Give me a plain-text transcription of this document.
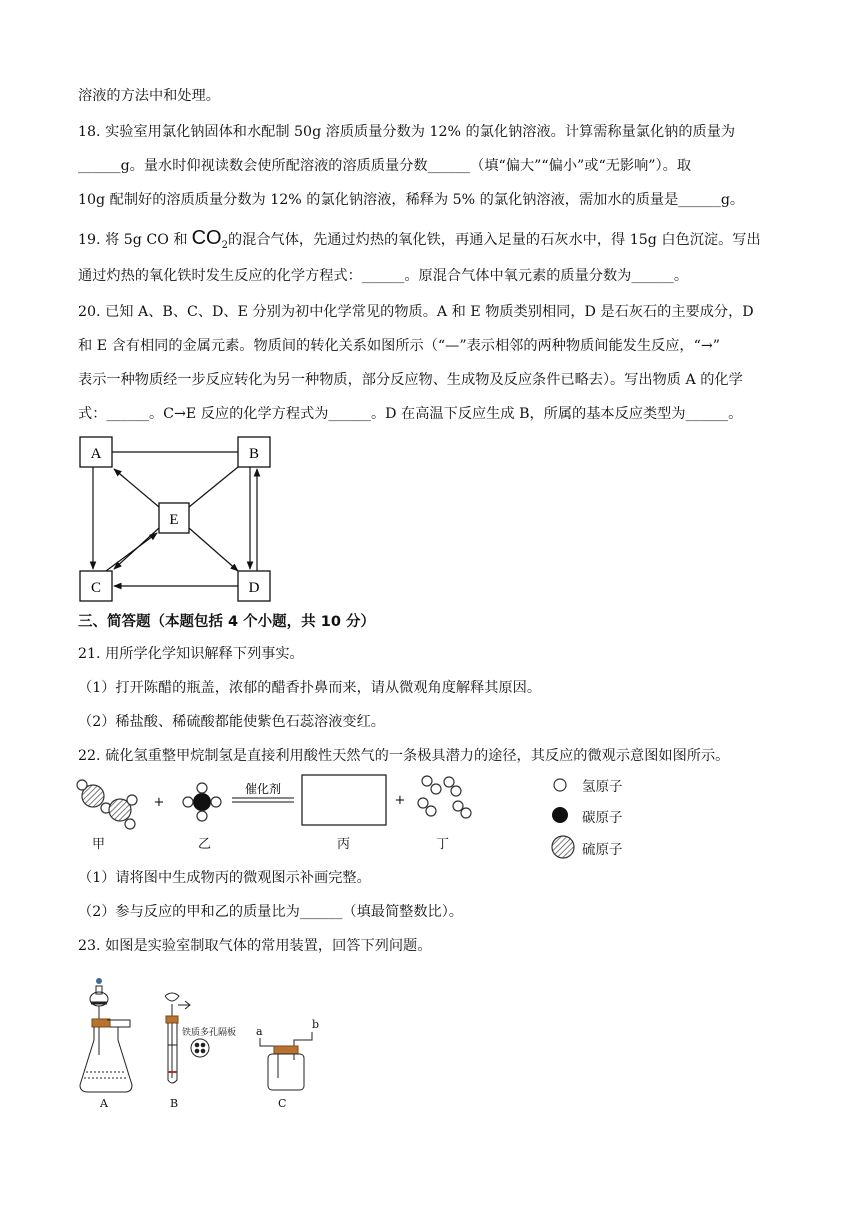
溶液的方法中和处理。
18. 实验室用氯化钠固体和水配制 50g 溶质质量分数为 12% 的氯化钠溶液。计算需称量氯化钠的质量为
______g。量水时仰视读数会使所配溶液的溶质质量分数______（填“偏大”“偏小”或“无影响”）。取
10g 配制好的溶质质量分数为 12% 的氯化钠溶液，稀释为 5% 的氯化钠溶液，需加水的质量是______g。
19. 将 5g CO 和 $CO_2$的混合气体，先通过灼热的氧化铁，再通入足量的石灰水中，得 15g 白色沉淀。写出
通过灼热的氧化铁时发生反应的化学方程式：______。原混合气体中氧元素的质量分数为______。
20. 已知 A、B、C、D、E 分别为初中化学常见的物质。A 和 E 物质类别相同，D 是石灰石的主要成分，D
和 E 含有相同的金属元素。物质间的转化关系如图所示（“—”表示相邻的两种物质间能发生反应，“→”
表示一种物质经一步反应转化为另一种物质，部分反应物、生成物及反应条件已略去）。写出物质 A 的化学
式：______。C→E 反应的化学方程式为______。D 在高温下反应生成 B，所属的基本反应类型为______。
A	B
C	D
E
催化剂
+	+
甲	乙	丙	丁
氢原子
碳原子
硫原子
三、简答题（本题包括 4 个小题，共 10 分）
21. 用所学化学知识解释下列事实。
（1）打开陈醋的瓶盖，浓郁的醋香扑鼻而来，请从微观角度解释其原因。
（2）稀盐酸、稀硫酸都能使紫色石蕊溶液变红。
22. 硫化氢重整甲烷制氢是直接利用酸性天然气的一条极具潜力的途径，其反应的微观示意图如图所示。
（1）请将图中生成物丙的微观图示补画完整。
（2）参与反应的甲和乙的质量比为______（填最简整数比）。
23. 如图是实验室制取气体的常用装置，回答下列问题。
A	B	C
铁质多孔隔板 a
b
